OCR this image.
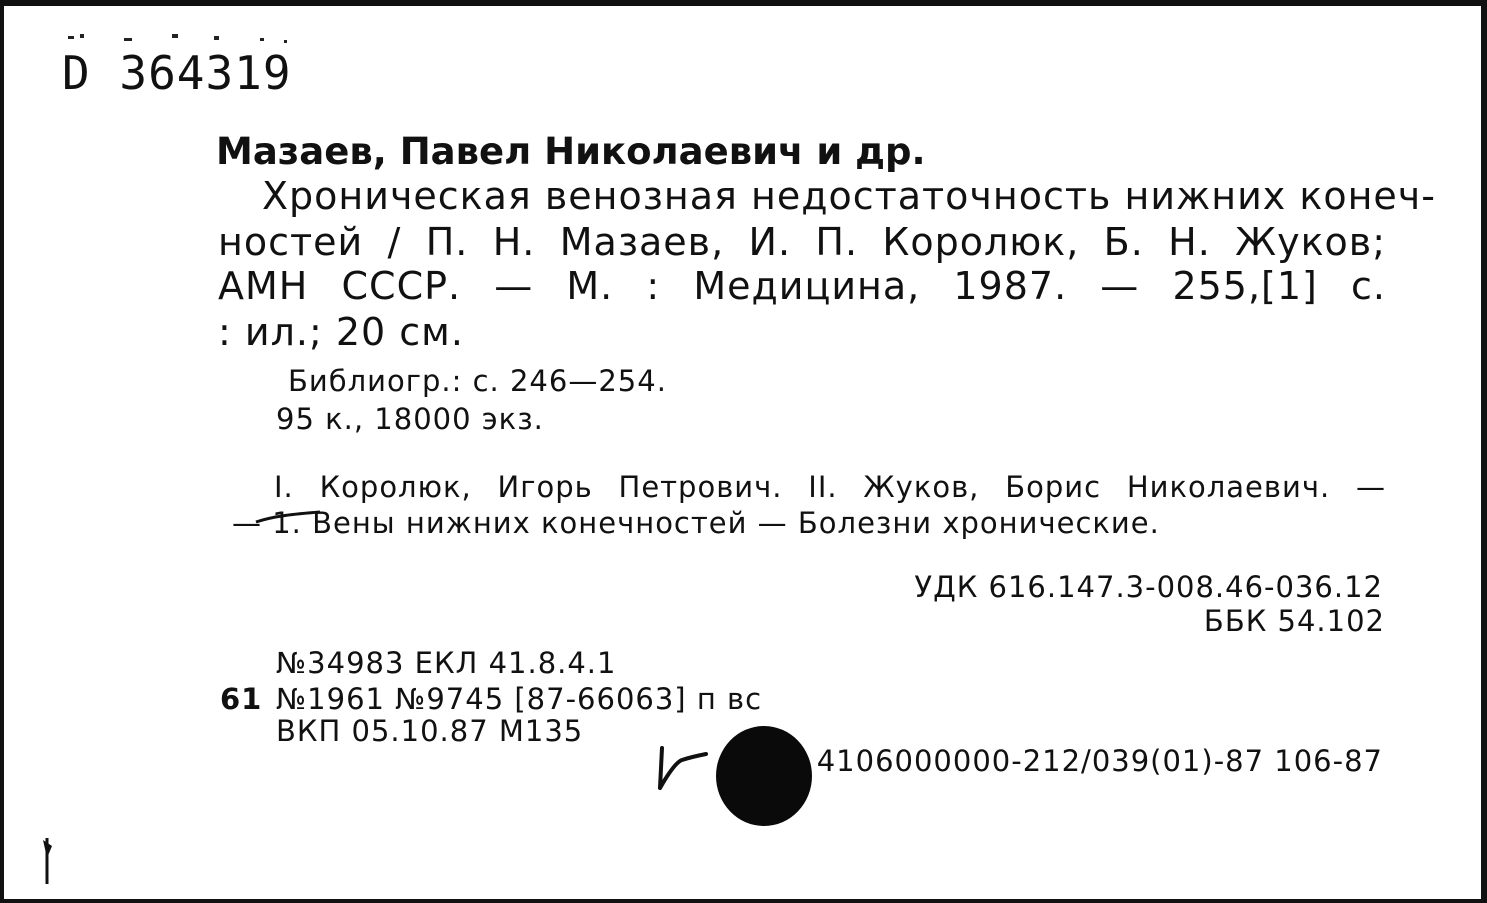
D 364319
Мазаев, Павел Николаевич и др.
Хроническая венозная недостаточность нижних конеч-
ностей / П. Н. Мазаев, И. П. Королюк, Б. Н. Жуков;
АМН СССР. — М. : Медицина, 1987. — 255,[1] с.
: ил.; 20 см.
Библиогр.: с. 246—254.
95 к., 18000 экз.
I. Королюк, Игорь Петрович. II. Жуков, Борис Николаевич. —
— 1. Вены нижних конечностей — Болезни хронические.
УДК 616.147.3-008.46-036.12
ББК 54.102
№34983 ЕКЛ 41.8.4.1
61 №1961 №9745 [87-66063] п вс
ВКП 05.10.87 M135
4106000000-212/039(01)-87 106-87
